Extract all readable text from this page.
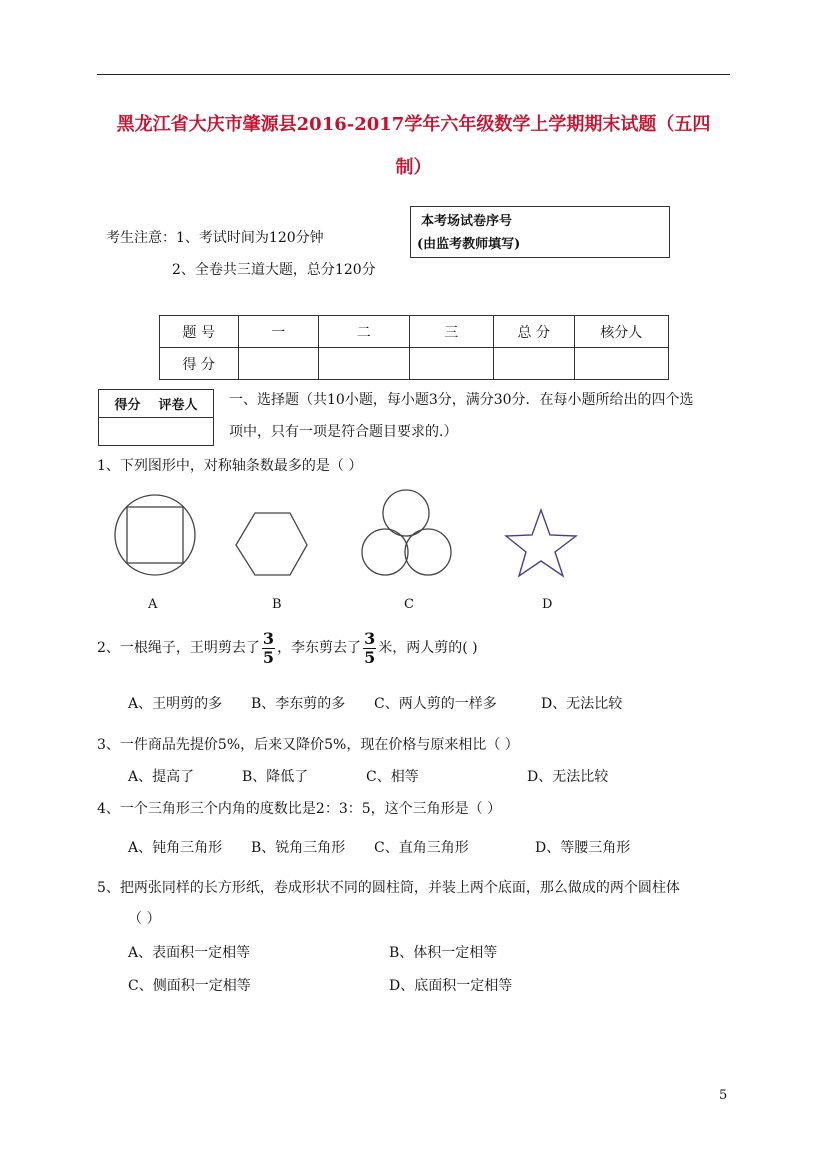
黑龙江省大庆市肇源县2016-2017学年六年级数学上学期期末试题（五四
制）
考生注意：1、考试时间为120分钟
2、全卷共三道大题，总分120分
本考场试卷序号
(由监考教师填写)
题 号	一	二	三	总 分	核分人
得 分					
得分    评卷人 一、选择题（共10小题，每小题3分，满分30分．在每小题所给出的四个选
项中，只有一项是符合题目要求的.）
1、下列图形中，对称轴条数最多的是（ ）
A	B	C	D
2、一根绳子，王明剪去了 $\frac{3}{5}$ ，李东剪去了 $\frac{3}{5}$ 米，两人剪的( )
A、王明剪的多 B、李东剪的多 C、两人剪的一样多	D、无法比较
3、一件商品先提价5%，后来又降价5%，现在价格与原来相比（ ）
A、提高了	B、降低了	C、相等	D、无法比较
4、一个三角形三个内角的度数比是2：3：5，这个三角形是（ ）
A、钝角三角形 B、锐角三角形 C、直角三角形	D、等腰三角形
5、把两张同样的长方形纸，卷成形状不同的圆柱筒，并装上两个底面，那么做成的两个圆柱体
（ ）
A、表面积一定相等	B、体积一定相等
C、侧面积一定相等	D、底面积一定相等
5
